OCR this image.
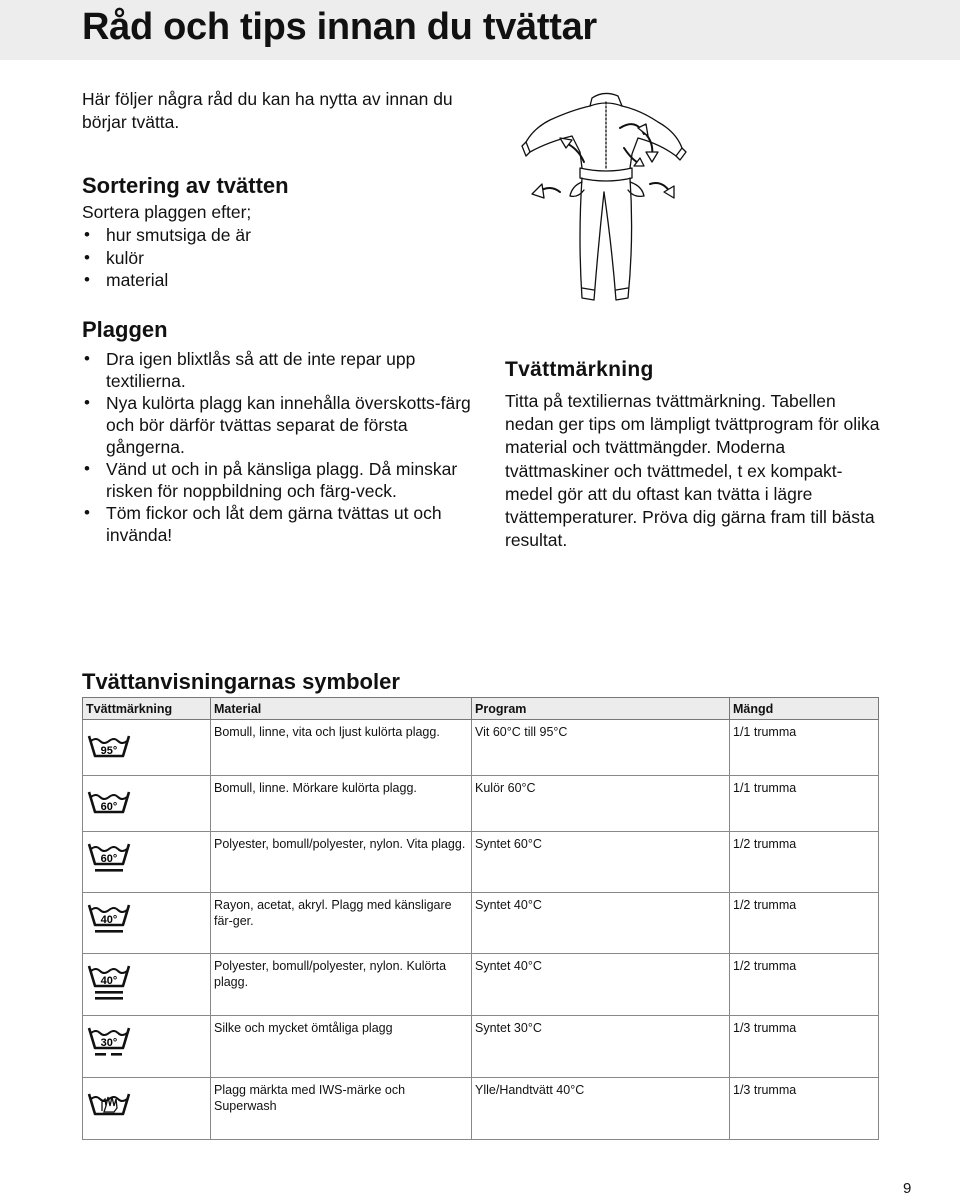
Råd och tips innan du tvättar

Här följer några råd du kan ha nytta av innan du börjar tvätta.

Sortering av tvätten

Sortera plaggen efter;

• hur smutsiga de är
• kulör
• material
Plaggen
• Dra igen blixtlås så att de inte repar upp textilierna.
• Nya kulörta plagg kan innehålla överskotts-färg och bör därför tvättas separat de första gångerna.
• Vänd ut och in på känsliga plagg. Då minskar risken för noppbildning och färg-veck.
• Töm fickor och låt dem gärna tvättas ut och invända!
Tvättmärkning

Titta på textiliernas tvättmärkning. Tabellen nedan ger tips om lämpligt tvättprogram för olika material och tvättmängder. Moderna tvättmaskiner och tvättmedel, t ex kompakt-medel gör att du oftast kan tvätta i lägre tvättemperaturer. Pröva dig gärna fram till bästa resultat.

Tvättanvisningarnas symboler
Tvättmärkning	Material	Program	Mängd

95°	Bomull, linne, vita och ljust kulörta plagg.	Vit 60°C till 95°C	1/1 trumma

60°	Bomull, linne. Mörkare kulörta plagg.	Kulör 60°C	1/1 trumma

60°	Polyester, bomull/polyester, nylon. Vita plagg.	Syntet 60°C	1/2 trumma

40°	Rayon, acetat, akryl. Plagg med känsligare fär-ger.	Syntet 40°C	1/2 trumma

40°	Polyester, bomull/polyester, nylon. Kulörta plagg.	Syntet 40°C	1/2 trumma

30°	Silke och mycket ömtåliga plagg	Syntet 30°C	1/3 trumma
	Plagg märkta med IWS-märke och Superwash	Ylle/Handtvätt 40°C	1/3 trumma
9
